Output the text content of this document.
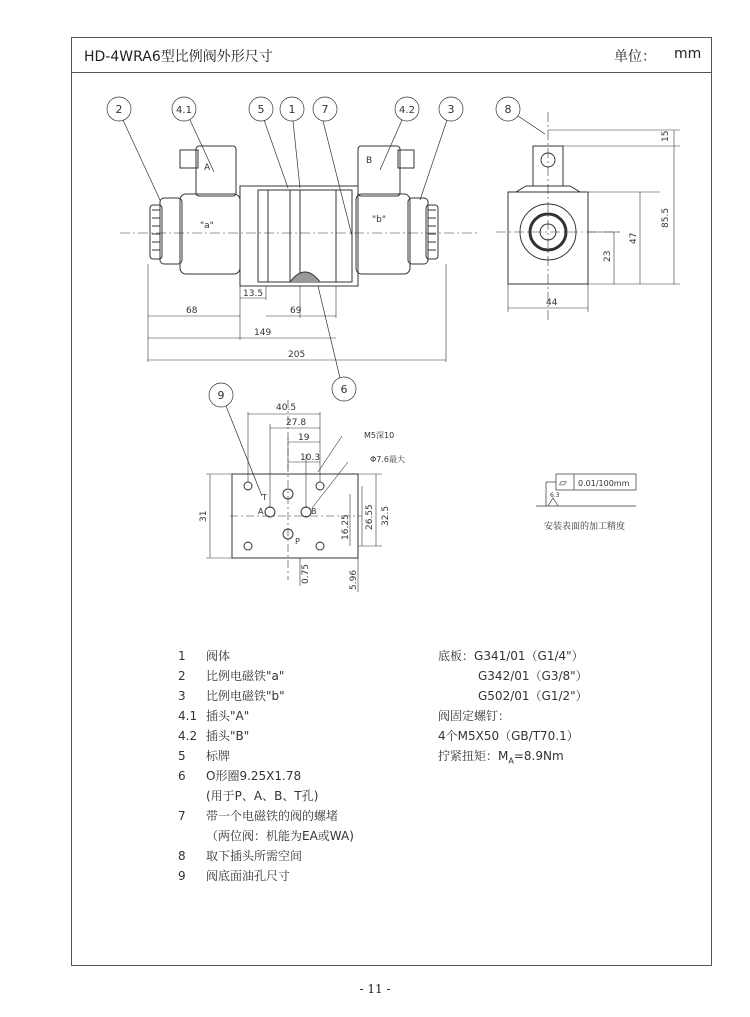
HD-4WRA6型比例阀外形尺寸	单位： mm
A
B
"a"
"b"
68
13.5
69
149
205
2	4.1	5 1 7	4.2	3	8
9	6
44
15
85.5
47
23
40.5
27.8
19
10.3
M5深10
Φ7.6最大
31	32.5
26.55
16.25
0.75	5.96
T
A	B
P
▱ 0.01/100mm
6.3
安装表面的加工精度
1 阀体
2 比例电磁铁"a"
3 比例电磁铁"b"
4.1 插头"A"
4.2 插头"B"
5 标牌
6 O形圈9.25X1.78
(用于P、A、B、T孔)
7 带一个电磁铁的阀的螺堵
（两位阀：机能为EA或WA)
8 取下插头所需空间
9 阀底面油孔尺寸
底板：G341/01（G1/4"）
G342/01（G3/8"）
G502/01（G1/2"）
阀固定螺钉：
4个M5X50（GB/T70.1）
拧紧扭矩：$M_A=8.9Nm$
- 11 -
